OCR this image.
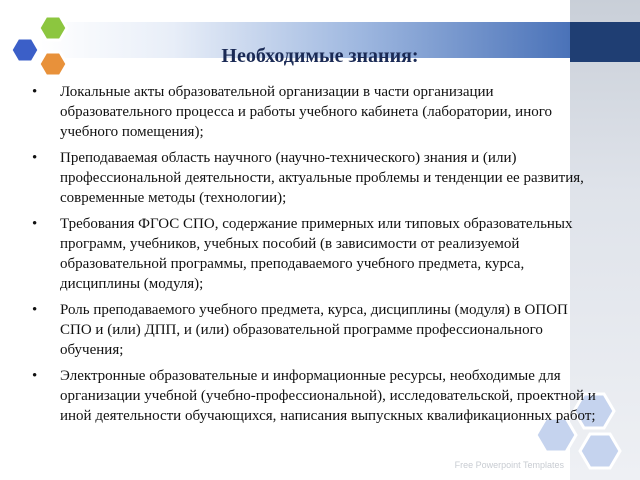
Необходимые знания:
• Локальные акты образовательной организации в части организации образовательного процесса и работы учебного кабинета (лаборатории, иного учебного помещения);
• Преподаваемая область научного (научно-технического) знания и (или) профессиональной деятельности, актуальные проблемы и тенденции ее развития, современные методы (технологии);
• Требования ФГОС СПО, содержание примерных или типовых образовательных программ, учебников, учебных пособий (в зависимости от реализуемой образовательной программы, преподаваемого учебного предмета, курса, дисциплины (модуля);
• Роль преподаваемого учебного предмета, курса, дисциплины (модуля) в ОПОП СПО и (или) ДПП, и (или) образовательной программе профессионального обучения;
• Электронные образовательные и информационные ресурсы, необходимые для организации учебной (учебно-профессиональной), исследовательской, проектной и иной деятельности обучающихся, написания выпускных квалификационных работ;
Free Powerpoint Templates
